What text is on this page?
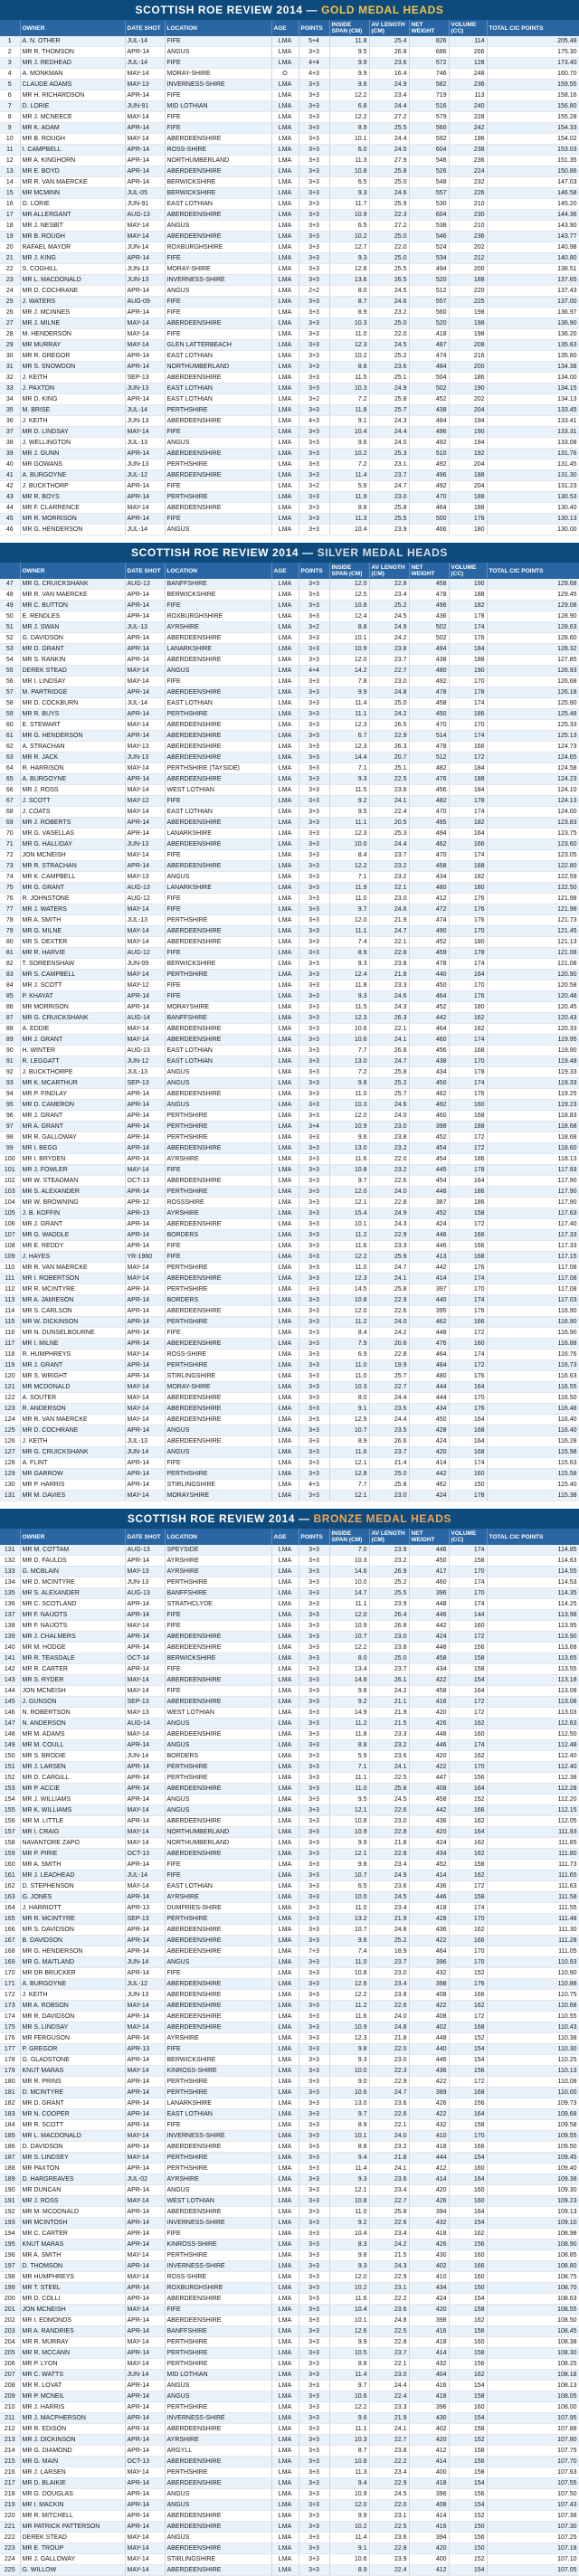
SCOTTISH ROE REVIEW 2014 — GOLD MEDAL HEADS
	OWNER	DATE SHOT	LOCATION	AGE	POINTS	INSIDE SPAN (CM)	AV LENGTH (CM)	NET WEIGHT	VOLUME (CC)	TOTAL CIC POINTS
1	A. N. OTHER	JUL-14	FIFE	LMA	5+4	11.8	25.4	826	114	205.48
2	MR R. THOMSON	APR-14	ANGUS	LMA	3+3	9.5	26.8	686	266	175.30
3	MR J. REDHEAD	JUL-14	FIFE	LMA	4+4	9.9	23.6	572	128	173.40
4	A. MONKMAN	MAY-14	MORAY-SHIRE	O	4+3	9.9	16.4	746	248	160.70
5	CLAUDE ADAMS	MAY-13	INVERNESS-SHIRE	LMA	3+3	9.6	24.9	582	236	159.55
6	MR H. RICHARDSON	APR-14	FIFE	LMA	3+3	12.2	23.4	719	113	158.16
7	D. LORIE	JUN-91	MID LOTHIAN	LMA	3+3	6.8	24.4	516	240	156.80
8	MR J. MCNEECE	MAY-14	FIFE	LMA	3+3	12.2	27.2	579	228	155.28
9	MR K. ADAM	APR-14	FIFE	LMA	3+3	8.9	25.5	560	242	154.33
10	MR B. ROUGH	MAY-14	ABERDEENSHIRE	LMA	3+3	10.1	24.4	592	196	154.02
11	I. CAMPBELL	APR-14	ROSS-SHIRE	LMA	3+3	6.0	24.5	604	238	153.03
12	MR A. KINGHORN	APR-14	NORTHUMBERLAND	LMA	3+3	11.3	27.9	546	236	151.35
13	MR E. BOYD	APR-14	ABERDEENSHIRE	LMA	3+3	10.8	25.8	526	224	150.86
14	MR R. VAN MAERCKE	APR-14	BERWICKSHIRE	LMA	3+3	6.5	25.0	548	232	147.03
15	MR MCMINN	JUL-05	BERWICKSHIRE	LMA	3+3	9.3	24.6	557	226	146.58
16	G. LORIE	JUN-91	EAST LOTHIAN	LMA	3+3	11.7	25.9	530	210	145.20
17	MR ALLERGANT	AUG-13	ABERDEENSHIRE	LMA	3+3	10.9	22.3	604	230	144.36
18	MR J. NESBIT	MAY-14	ANGUS	LMA	3+3	6.5	27.2	538	210	143.90
19	MR B. ROUGH	MAY-14	ABERDEENSHIRE	LMA	3+3	10.2	25.0	546	236	143.77
20	RAFAEL MAYOR	JUN-14	ROXBURGHSHIRE	LMA	3+3	12.7	22.0	524	202	140.98
21	MR J. KING	APR-14	FIFE	LMA	3+3	9.3	25.0	534	212	140.80
22	S. COGHILL	JUN-13	MORAY-SHIRE	LMA	3+3	12.8	25.5	494	200	138.51
23	MR L. MACDONALD	JUN-13	INVERNESS-SHIRE	LMA	3+3	13.6	26.5	520	188	137.65
24	MR D. COCHRANE	APR-14	ANGUS	LMA	2+2	8.0	24.5	512	220	137.43
25	J. WATERS	AUG-09	FIFE	LMA	3+3	8.7	24.6	557	225	137.00
26	MR J. MCINNES	APR-14	FIFE	LMA	3+3	8.9	23.2	560	198	136.97
27	MR J. MILNE	MAY-14	ABERDEENSHIRE	LMA	3+3	10.3	25.0	520	198	136.90
28	M. HENDERSON	MAY-14	FIFE	LMA	3+3	11.0	22.0	418	198	136.20
29	MR MURRAY	MAY-14	GLEN LATTERBEACH	LMA	3+3	12.3	24.5	487	208	135.83
30	MR R. GREGOR	APR-14	EAST LOTHIAN	LMA	3+3	10.2	25.2	474	216	135.80
31	MR S. SNOWDON	APR-14	NORTHUMBERLAND	LMA	3+3	8.8	23.6	484	200	134.38
32	J. KEITH	SEP-13	ABERDEENSHIRE	LMA	3+3	11.5	25.1	504	186	134.00
33	J. PAXTON	JUN-13	EAST LOTHIAN	LMA	3+3	10.3	24.9	502	190	134.15
34	MR D. KING	APR-14	EAST LOTHIAN	LMA	3+2	7.2	25.8	452	202	134.13
35	M. BRISE	JUL-14	PERTHSHIRE	LMA	3+3	11.8	25.7	438	204	133.45
36	J. KEITH	JUN-13	ABERDEENSHIRE	LMA	4+3	9.1	24.3	484	194	133.41
37	MR D. LINDSAY	MAY-14	FIFE	LMA	3+3	10.4	24.4	496	190	133.31
38	J. WELLINGTON	JUL-13	ANGUS	LMA	3+3	9.6	24.0	492	194	133.08
39	MR J. GUNN	APR-14	ABERDEENSHIRE	LMA	3+3	10.2	25.3	510	192	131.76
40	MR GOWANS	JUN-13	PERTHSHIRE	LMA	3+3	7.2	23.1	492	204	131.45
41	A. BURGOYNE	JUL-12	ABERDEENSHIRE	LMA	3+3	11.4	23.7	496	188	131.30
42	J. BUCKTHORP	APR-14	FIFE	LMA	3+2	5.6	24.7	492	204	131.23
43	MR R. BOYS	APR-14	PERTHSHIRE	LMA	3+3	11.9	23.0	470	188	130.53
44	MR F. CLARRENCE	MAY-14	ABERDEENSHIRE	LMA	3+3	8.8	25.8	464	188	130.40
45	MR R. MORRISON	APR-14	FIFE	LMA	3+3	11.3	25.5	500	178	130.13
46	MR G. HENDERSON	JUL-14	ANGUS	LMA	3+3	10.4	23.9	466	180	130.00
SCOTTISH ROE REVIEW 2014 — SILVER MEDAL HEADS
	OWNER	DATE SHOT	LOCATION	AGE	POINTS	INSIDE SPAN (CM)	AV LENGTH (CM)	NET WEIGHT	VOLUME (CC)	TOTAL CIC POINTS
47	MR G. CRUICKSHANK	AUG-13	BANFFSHIRE	LMA	3+3	12.0	22.8	458	190	129.68
48	MR R. VAN MAERCKE	APR-14	BERWICKSHIRE	LMA	3+3	12.5	23.4	478	188	129.45
49	MR C. BUTTON	APR-14	FIFE	LMA	3+3	10.8	25.2	496	182	129.08
50	E. RENDLES	APR-14	ROXBURGHSHIRE	LMA	3+3	12.4	24.5	436	178	128.90
51	MR J. SWAN	JUL-13	AYRSHIRE	LMA	3+2	8.8	24.9	502	174	128.63
52	G. DAVIDSON	APR-14	ABERDEENSHIRE	LMA	3+3	10.1	24.2	502	176	128.60
53	MR D. GRANT	APR-14	LANARKSHIRE	LMA	3+3	10.9	23.8	494	184	128.32
54	MR S. RANKIN	APR-14	ABERDEENSHIRE	LMA	3+3	12.0	23.7	438	188	127.85
55	DEREK STEAD	MAY-14	ANGUS	LMA	4+4	14.2	22.7	480	190	126.93
56	MR I. LINDSAY	MAY-14	FIFE	LMA	3+3	7.8	23.0	492	170	126.68
57	M. PARTRIDGE	APR-14	ABERDEENSHIRE	LMA	3+3	9.9	24.8	478	178	126.18
58	MR D. COCKBURN	JUL-14	EAST LOTHIAN	LMA	3+3	11.4	25.0	458	174	125.90
59	MR R. BUYS	APR-14	PERTHSHIRE	LMA	3+3	11.1	24.2	450	186	125.48
60	E. STEWART	MAY-14	ABERDEENSHIRE	LMA	3+3	12.3	26.5	470	170	125.33
61	MR G. HENDERSON	APR-14	ABERDEENSHIRE	LMA	3+3	6.7	22.9	514	174	125.13
62	A. STRACHAN	MAY-13	ABERDEENSHIRE	LMA	3+3	12.3	26.3	478	166	124.73
63	MR R. JACK	JUN-13	ABERDEENSHIRE	LMA	3+3	14.4	20.7	512	172	124.65
64	R. HARRISON	MAY-14	PERTHSHIRE (TAYSIDE)	LMA	3+3	7.1	25.1	482	184	124.58
65	A. BURGOYNE	APR-14	ABERDEENSHIRE	LMA	3+3	9.3	22.5	476	188	124.23
66	MR J. ROSS	MAY-14	WEST LOTHIAN	LMA	3+3	11.5	23.6	456	184	124.10
67	J. SCOTT	MAY-12	FIFE	LMA	3+3	9.2	24.1	482	178	124.13
68	J. COATS	MAY-14	EAST LOTHIAN	LMA	3+3	9.5	22.4	470	174	124.00
69	MR J. ROBERTS	APR-14	ABERDEENSHIRE	LMA	3+3	11.1	20.5	495	182	123.83
70	MR G. VASELLAS	APR-14	LANARKSHIRE	LMA	3+3	12.3	25.3	494	164	123.75
71	MR G. HALLIDAY	JUN-13	ABERDEENSHIRE	LMA	3+3	10.0	24.4	462	166	123.60
72	JON MCNEISH	MAY-14	FIFE	LMA	3+3	8.4	23.7	470	174	123.05
73	MR R. STRACHAN	APR-14	ABERDEENSHIRE	LMA	3+3	12.2	23.2	458	188	122.80
74	MR K. CAMPBELL	MAY-13	ANGUS	LMA	3+3	7.1	23.2	434	182	122.59
75	MR G. GRANT	AUG-13	LANARKSHIRE	LMA	3+3	11.9	22.1	480	180	122.50
76	R. JOHNSTONE	AUG-12	FIFE	LMA	3+3	11.0	23.0	412	176	121.98
77	MR J. WATERS	MAY-14	FIFE	LMA	3+3	9.7	24.6	472	176	121.98
78	MR A. SMITH	JUL-13	PERTHSHIRE	LMA	3+3	12.0	21.9	474	176	121.73
79	MR G. MILNE	MAY-14	ABERDEENSHIRE	LMA	3+3	11.1	24.7	490	170	121.45
80	MR S. DEXTER	MAY-14	ABERDEENSHIRE	LMA	3+3	7.4	22.1	452	180	121.13
81	MR R. HARVIE	AUG-12	FIFE	LMA	3+3	8.9	22.8	459	178	121.08
82	T. SOREENSHAW	JUN-09	BERWICKSHIRE	LMA	3+3	9.3	23.8	478	174	121.08
83	MR S. CAMPBELL	MAY-14	PERTHSHIRE	LMA	3+3	12.4	21.8	440	164	120.90
84	MR J. SCOTT	MAY-12	FIFE	LMA	3+3	11.8	23.3	450	170	120.58
85	P. KHAYAT	APR-14	FIFE	LMA	3+3	9.3	24.6	464	176	120.48
86	MR MORRISON	APR-14	MORAYSHIRE	LMA	3+3	11.5	24.3	452	180	120.45
87	MR G. CRUICKSHANK	AUG-14	BANFFSHIRE	LMA	3+3	12.3	26.3	442	162	120.43
88	A. EDDIE	MAY-14	ABERDEENSHIRE	LMA	3+3	10.6	22.1	464	162	120.33
89	MR J. GRANT	MAY-14	ABERDEENSHIRE	LMA	3+3	10.6	24.1	460	174	119.95
90	H. WINTER	AUG-13	EAST LOTHIAN	LMA	3+3	7.7	26.8	456	168	119.90
91	R. LEGGATT	JUN-12	EAST LOTHIAN	LMA	3+3	13.0	24.7	438	170	119.48
92	J. BUCKTHORPE	JUL-13	ANGUS	LMA	3+3	7.2	25.8	434	178	119.33
93	MR K. MCARTHUR	SEP-13	ANGUS	LMA	3+3	9.8	25.2	450	174	119.33
94	MR P. FINDLAY	APR-14	ABERDEENSHIRE	LMA	3+3	11.0	25.7	462	176	119.25
95	MR D. CAMERON	APR-14	ANGUS	LMA	3+3	10.3	24.6	492	160	119.23
96	MR J. GRANT	APR-14	PERTHSHIRE	LMA	3+3	12.0	24.0	460	168	118.83
97	MR A. GRANT	APR-14	PERTHSHIRE	LMA	3+4	10.9	23.0	398	188	118.68
98	MR R. GALLOWAY	APR-14	PERTHSHIRE	LMA	3+3	9.6	23.8	452	172	118.68
99	MR I. BEGG	APR-14	ABERDEENSHIRE	LMA	3+3	13.0	23.2	454	172	118.60
100	MR I. BRYDEN	APR-14	AYRSHIRE	LMA	3+3	11.6	22.0	454	186	118.13
101	MR J. FOWLER	MAY-14	FIFE	LMA	3+3	10.8	23.2	445	178	117.93
102	MR W. STEADMAN	OCT-13	ABERDEENSHIRE	LMA	3+3	9.7	22.6	454	164	117.90
103	MR S. ALEXANDER	APR-14	PERTHSHIRE	LMA	3+3	12.0	24.0	448	186	117.90
104	MR W. BROWNING	APR-12	ROSSSHIRE	LMA	3+3	12.1	22.8	387	186	117.90
105	J. B. KOFFIN	APR-13	AYRSHIRE	LMA	3+3	15.4	24.9	452	158	117.63
106	MR J. GRANT	APR-14	ABERDEENSHIRE	LMA	3+3	10.1	24.3	424	172	117.40
107	MR G. WADDLE	APR-14	BORDERS	LMA	3+3	11.2	22.9	446	166	117.33
108	MR E. REDDY	APR-14	FIFE	LMA	3+3	11.6	23.3	446	166	117.33
109	J. HAYES	YR-1960	FIFE	LMA	3+3	12.2	25.9	413	168	117.15
110	MR R. VAN MAERCKE	MAY-14	PERTHSHIRE	LMA	3+3	11.0	24.7	442	176	117.08
111	MR I. ROBERTSON	MAY-14	ABERDEENSHIRE	LMA	3+3	12.3	24.1	414	174	117.08
112	MR R. MCINTYRE	APR-14	PERTHSHIRE	LMA	3+3	14.5	25.8	397	170	117.08
113	MR A. JAMIESON	APR-14	BORDERS	LMA	3+3	10.8	22.9	440	174	117.03
114	MR S. CARLSON	APR-14	ABERDEENSHIRE	LMA	3+3	12.0	22.6	395	176	116.90
115	MR W. DICKINSON	APR-14	PERTHSHIRE	LMA	3+3	11.2	24.0	462	166	116.90
116	MR N. DUNSELBOURNE	APR-14	FIFE	LMA	3+3	8.4	24.2	448	172	116.90
117	MR I. MILNE	APR-14	ABERDEENSHIRE	LMA	3+3	7.9	20.6	476	160	116.88
118	R. HUMPHREYS	MAY-14	ROSS-SHIRE	LMA	3+3	6.9	22.8	464	174	116.76
119	MR J. GRANT	APR-14	PERTHSHIRE	LMA	3+3	11.0	19.9	484	172	116.73
120	MR S. WRIGHT	APR-14	STIRLINGSHIRE	LMA	3+3	11.0	25.7	480	176	116.63
121	MR MCDONALD	MAY-14	MORAY-SHIRE	LMA	3+3	10.3	22.7	444	164	116.55
122	A. SOUTER	MAY-14	ABERDEENSHIRE	LMA	3+3	8.0	24.4	444	170	116.50
123	R. ANDERSON	MAY-14	ABERDEENSHIRE	LMA	3+3	9.1	23.5	434	176	116.48
124	MR R. VAN MAERCKE	MAY-14	ABERDEENSHIRE	LMA	3+3	12.9	24.4	450	164	116.40
125	MR D. COCHRANE	APR-14	ANGUS	LMA	3+3	10.7	23.5	428	168	116.40
126	J. KEITH	JUL-13	ABERDEENSHIRE	LMA	3+3	8.9	26.6	424	164	116.28
127	MR G. CRUICKSHANK	JUN-14	ANGUS	LMA	3+3	11.6	23.7	420	168	115.98
128	A. FLINT	APR-14	FIFE	LMA	3+3	12.1	21.4	414	174	115.63
129	MR GARROW	APR-14	PERTHSHIRE	LMA	3+3	12.8	25.0	442	160	115.58
130	MR P. HARRIS	APR-14	STIRLINGSHIRE	LMA	4+3	7.7	25.8	462	150	115.40
131	MR M. DAVIES	MAY-14	MORAYSHIRE	LMA	3+3	12.1	23.0	424	178	115.38
SCOTTISH ROE REVIEW 2014 — BRONZE MEDAL HEADS
	OWNER	DATE SHOT	LOCATION	AGE	POINTS	INSIDE SPAN (CM)	AV LENGTH (CM)	NET WEIGHT	VOLUME (CC)	TOTAL CIC POINTS
131	MR M. COTTAM	AUG-13	SPEYSIDE	LMA	3+3	7.0	23.9	446	174	114.85
132	MR D. FAULDS	APR-14	AYRSHIRE	LMA	3+3	10.3	23.2	450	158	114.63
133	G. MCBLAIN	MAY-13	AYRSHIRE	LMA	3+3	14.6	26.9	417	170	114.55
134	MR D. MCINTYRE	JUN-13	PERTHSHIRE	LMA	3+3	10.0	25.2	460	174	114.53
135	MR S. ALEXANDER	AUG-13	BANFFSHIRE	LMA	3+3	14.7	25.5	396	170	114.35
136	MR C. SCOTLAND	APR-14	STRATHCLYDE	LMA	3+3	11.1	23.9	448	174	114.25
137	MR F. NAIJOTS	APR-14	FIFE	LMA	3+3	12.0	26.4	446	144	113.98
138	MR F. NAIJOTS	MAY-14	FIFE	LMA	3+3	10.9	26.8	442	160	113.95
139	MR J. CHALMERS	APR-14	ABERDEENSHIRE	LMA	3+3	10.7	23.0	424	172	113.90
140	MR M. HODGE	APR-14	ABERDEENSHIRE	LMA	3+3	12.2	23.8	448	156	113.68
141	MR R. TEASDALE	OCT-14	BERWICKSHIRE	LMA	3+3	8.0	25.0	458	158	113.65
142	MR R. CARTER	APR-14	FIFE	LMA	3+3	13.4	23.7	434	158	113.55
143	MR S. RYDER	MAY-14	ABERDEENSHIRE	LMA	3+3	14.8	26.1	422	154	113.18
144	JON MCNEISH	MAY-14	FIFE	LMA	3+3	9.8	24.2	458	164	113.08
145	J. GUNSON	SEP-13	ABERDEENSHIRE	LMA	3+3	9.2	21.1	416	172	113.08
146	N. ROBERTSON	MAY-13	WEST LOTHIAN	LMA	3+3	14.9	21.9	420	172	113.03
147	N. ANDERSON	AUG-14	ANGUS	LMA	3+3	11.2	21.5	426	162	112.63
148	MR M. ADAMS	MAY-14	ABERDEENSHIRE	LMA	3+3	11.8	23.3	448	160	112.50
149	MR M. COULL	APR-14	ANGUS	LMA	3+3	8.8	23.2	446	174	112.48
150	MR S. BRODIE	JUN-14	BORDERS	LMA	3+3	5.9	23.6	420	162	112.40
151	MR J. LARSEN	APR-14	PERTHSHIRE	LMA	3+3	7.1	24.1	422	170	112.40
152	MR D. CARGILL	APR-14	PERTHSHIRE	LMA	3+3	11.1	22.5	447	156	112.38
153	MR P. ACCIE	APR-14	ABERDEENSHIRE	LMA	3+3	11.0	25.8	408	164	112.28
154	MR J. WILLIAMS	APR-14	ANGUS	LMA	3+3	9.5	24.5	458	152	112.20
155	MR K. WILLIAMS	MAY-14	ANGUS	LMA	3+3	12.1	22.6	442	166	112.15
156	MR M. LITTLE	APR-14	ABERDEENSHIRE	LMA	3+3	10.8	23.0	436	162	112.05
157	MR I. CRAIG	MAY-14	NORTHUMBERLAND	LMA	3+3	10.9	22.8	420	164	111.93
158	NAVANTORE ZAPO	MAY-14	NORTHUMBERLAND	LMA	3+3	9.9	21.8	424	162	111.85
159	MR P. PIRIE	OCT-13	ABERDEENSHIRE	LMA	3+3	12.1	22.8	434	162	111.80
160	MR A. SMITH	APR-14	FIFE	LMA	3+3	9.8	23.4	452	158	111.73
161	MR J. LEADHEAD	JUL-14	FIFE	LMA	3+3	10.7	24.9	414	162	111.65
162	D. STEPHENSON	MAY-14	EAST LOTHIAN	LMA	3+3	6.5	23.6	436	172	111.63
163	G. JONES	APR-14	AYRSHIRE	LMA	3+3	10.0	24.5	446	158	111.58
164	J. HARRIOTT	APR-13	DUMFRIES-SHIRE	LMA	3+3	11.0	23.4	418	174	111.55
165	MR R. MCINTYRE	SEP-13	PERTHSHIRE	LMA	3+3	13.2	21.9	428	170	111.48
166	MR S. DAVIDSON	APR-14	ABERDEENSHIRE	LMA	3+3	10.7	24.8	436	162	111.30
167	B. DAVIDSON	APR-14	ABERDEENSHIRE	LMA	3+3	9.6	25.2	422	166	111.28
168	MR G. HENDERSON	APR-14	ABERDEENSHIRE	LMA	7+3	7.4	18.9	464	170	111.05
169	MR G. MAITLAND	JUN-14	ANGUS	LMA	3+3	11.0	23.7	396	170	110.93
170	MR DR BRUCKER	APR-14	FIFE	LMA	3+3	10.8	23.0	432	152	110.90
171	A. BURGOYNE	JUL-12	ABERDEENSHIRE	LMA	3+3	12.6	23.4	398	176	110.88
172	J. KEITH	JUN-13	ABERDEENSHIRE	LMA	3+3	12.2	23.8	408	166	110.75
173	MR A. ROBSON	MAY-14	ABERDEENSHIRE	LMA	3+3	11.2	22.6	422	162	110.68
174	MR R. DAVIDSON	APR-14	ABERDEENSHIRE	LMA	3+3	11.6	24.0	408	172	110.55
175	MR S. LINDSAY	MAY-14	ABERDEENSHIRE	LMA	3+3	10.9	24.8	402	168	110.43
176	MR FERGUSON	APR-14	AYRSHIRE	LMA	3+3	12.3	21.8	448	152	110.38
177	P. GREGOR	APR-13	FIFE	LMA	3+3	9.8	22.0	440	154	110.30
178	G. GLADSTONE	APR-14	BERWICKSHIRE	LMA	3+3	9.3	23.0	446	154	110.25
179	KNUT MARAS	MAY-14	KINROSS-SHIRE	LMA	3+3	10.0	22.3	436	156	110.13
180	MR R. PRINS	APR-14	PERTHSHIRE	LMA	3+3	9.0	22.9	422	172	110.08
181	D. MCINTYRE	APR-14	PERTHSHIRE	LMA	3+3	10.6	24.7	389	168	110.00
182	MR D. GRANT	APR-14	LANARKSHIRE	LMA	3+3	13.0	23.6	426	156	109.73
183	MR N. COOPER	APR-14	EAST LOTHIAN	LMA	3+3	9.7	22.6	422	164	109.68
184	MR R. SCOTT	APR-14	FIFE	LMA	3+3	8.9	22.1	432	158	109.58
185	MR L. MACDONALD	MAY-14	INVERNESS-SHIRE	LMA	3+3	10.1	24.0	410	170	109.55
186	D. DAVIDSON	APR-14	ABERDEENSHIRE	LMA	3+3	8.8	23.2	418	166	109.50
187	MR S. LINDSEY	MAY-14	PERTHSHIRE	LMA	3+3	9.4	21.8	444	154	109.45
188	MR PAXTON	APR-14	PERTHSHIRE	LMA	3+3	11.4	24.1	412	160	109.40
189	D. HARGREAVES	JUL-02	AYRSHIRE	LMA	3+3	9.3	23.6	414	164	109.38
190	MR DUNCAN	APR-14	ANGUS	LMA	3+3	12.1	23.4	420	160	109.30
191	MR J. ROSS	MAY-14	WEST LOTHIAN	LMA	3+3	10.8	22.7	426	160	109.23
192	MR M. MCDONALD	APR-14	ABERDEENSHIRE	LMA	3+3	11.0	25.8	394	164	109.13
193	MR MCINTOSH	APR-14	INVERNESS-SHIRE	LMA	3+3	9.2	22.6	432	154	109.10
194	MR C. CARTER	APR-14	FIFE	LMA	3+3	10.4	23.4	418	162	108.98
195	KNUT MARAS	APR-14	KINROSS-SHIRE	LMA	3+3	8.3	24.2	426	156	108.90
196	MR A. SMITH	MAY-14	PERTHSHIRE	LMA	3+3	9.8	21.5	430	160	108.85
197	D. THOMSON	APR-14	INVERNESS-SHIRE	LMA	3+3	9.3	24.3	402	166	108.80
198	MR HUMPHREYS	MAY-14	ROSS-SHIRE	LMA	3+3	12.0	22.9	410	160	108.75
199	MR T. STEEL	APR-14	ROXBURGHSHIRE	LMA	3+3	10.2	23.1	434	150	108.70
200	MR D. COLLI	APR-14	ABERDEENSHIRE	LMA	3+3	11.6	22.2	424	154	108.63
201	JON MCNEISH	MAY-14	FIFE	LMA	3+3	10.4	23.6	420	158	108.55
202	MR I. EDMONDS	APR-14	ABERDEENSHIRE	LMA	3+3	10.1	24.8	398	162	108.50
203	MR A. RANDRIES	APR-14	BANFFSHIRE	LMA	3+3	12.6	22.5	416	156	108.45
204	MR R. MURRAY	MAY-14	PERTHSHIRE	LMA	3+3	9.9	22.8	418	160	108.38
205	MR R. MCCANN	APR-14	PERTHSHIRE	LMA	3+3	10.5	23.7	414	158	108.30
206	MR P. LYON	MAY-14	PERTHSHIRE	LMA	3+3	8.8	22.1	432	156	108.25
207	MR C. WATTS	JUN-14	MID LOTHIAN	LMA	3+3	11.4	23.0	404	162	108.18
208	MR R. LOVAT	APR-14	ANGUS	LMA	3+3	9.7	24.4	416	154	108.13
209	MR P. MCNEIL	APR-14	ANGUS	LMA	3+3	10.6	22.4	418	158	108.05
210	MR J. HARRIS	APR-14	PERTHSHIRE	LMA	3+3	12.2	23.3	396	160	108.00
211	MR J. MACPHERSON	APR-14	INVERNESS-SHIRE	LMA	3+3	9.6	21.9	430	154	107.95
212	MR R. EDISON	APR-14	ABERDEENSHIRE	LMA	3+3	11.1	24.1	402	158	107.88
213	MR J. DICKINSON	APR-14	AYRSHIRE	LMA	3+3	10.3	22.7	420	152	107.80
214	MR G. DIAMOND	APR-14	ARGYLL	LMA	3+3	8.7	23.8	412	158	107.75
215	MR G. MAIN	OCT-13	ABERDEENSHIRE	LMA	3+3	10.8	22.2	414	156	107.70
216	MR J. LARSEN	MAY-14	PERTHSHIRE	LMA	3+3	11.3	23.4	400	158	107.63
217	MR D. BLAIKIE	APR-14	ABERDEENSHIRE	LMA	3+3	9.4	22.9	418	154	107.55
218	MR G. DOUGLAS	APR-14	ANGUS	LMA	3+3	10.9	24.5	396	156	107.50
219	MR I. MACKIN	APR-14	ANGUS	LMA	3+3	12.0	22.0	408	154	107.43
220	MR R. MITCHELL	APR-14	ABERDEENSHIRE	LMA	3+3	9.9	23.1	414	152	107.38
221	MR PATRICK PATTERSON	APR-14	ABERDEENSHIRE	LMA	3+3	10.2	22.5	416	150	107.30
222	DEREK STEAD	MAY-14	ANGUS	LMA	3+3	11.4	23.6	394	156	107.25
223	MR E. TROUP	MAY-14	ABERDEENSHIRE	LMA	3+3	9.1	22.8	420	150	107.18
224	MR J. GALLOWAY	MAY-14	STIRLINGSHIRE	LMA	3+3	10.6	23.9	400	152	107.10
225	G. WILLOW	MAY-14	ABERDEENSHIRE	LMA	3+3	8.9	22.4	412	154	107.05
